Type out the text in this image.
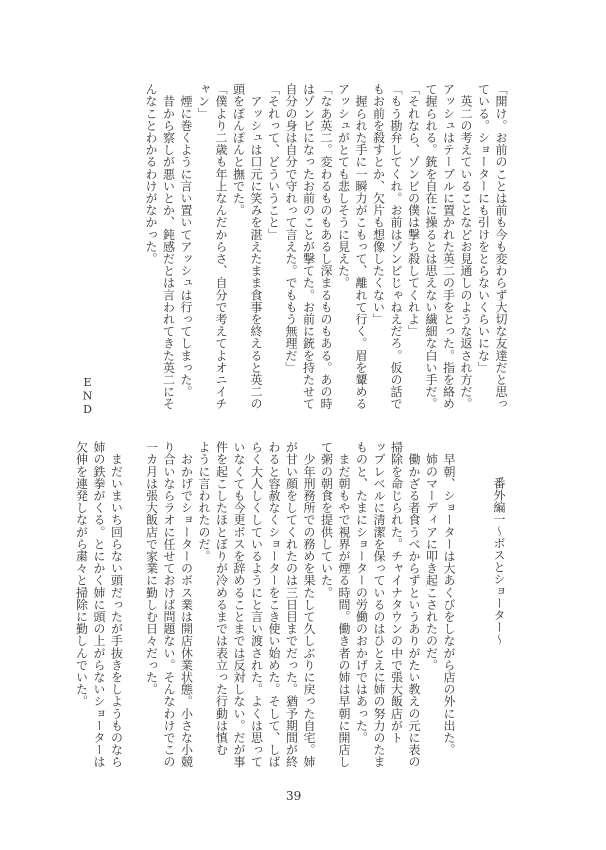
「開け。お前のことは前も今も変わらず大切な友達だと思っ
ている。ショーターにも引けをとらないくらいにな」
　英二の考えていることなどお見通しのような返され方だ。
アッシュはテーブルに置かれた英二の手をとった。指を絡め
て握られる。銃を自在に操るとは思えない繊細な白い手だ。
「それなら、ゾンビの僕は撃ち殺してくれよ」
「もう勘弁してくれ。お前はゾンビじゃねえだろ。仮の話で
もお前を殺すとか、欠片も想像したくない」
　握られた手に一瞬力がこもって、離れて行く。眉を顰める
アッシュがとても悲しそうに見えた。
「なあ英二。変わるものもあるし深まるものもある。あの時
はゾンビになったお前のことが撃てた。お前に銃を持たせて
自分の身は自分で守れって言えた。でももう無理だ」
「それって、どういうこと」
　アッシュは口元に笑みを湛えたまま食事を終えると英二の
頭をぽんぽんと撫でた。
「僕より二歳も年上なんだからさ、自分で考えてよオニイチ
ャン」
　煙に巻くように言い置いてアッシュは行ってしまった。
　昔から察しが悪いとか、鈍感だとは言われてきた英二にそ
んなことわかるわけがなかった。
END
番外編一〜ボスとショーター〜
　早朝、ショーターは大あくびをしながら店の外に出た。
　姉のマーディアに叩き起こされたのだ。
　働かざる者食うべからずというありがたい教えの元に表の
掃除を命じられた。チャイナタウンの中で張大飯店がト
ップレベルに清潔を保っているのはひとえに姉の努力のたま
ものと、たまにショーターの労働のおかげではあった。
　まだ朝もやで視界が煙る時間。働き者の姉は早朝に開店し
て粥の朝食を提供していた。
　少年刑務所での務めを果たして久しぶりに戻った自宅。姉
が甘い顔をしてくれたのは三日目までだった。猶予期間が終
わると容赦なくショーターをこき使い始めた。そして、しば
らく大人しくしているようにと言い渡された。よくは思って
いなくても今更ボスを辞めることまでは反対しない。だが事
件を起こしたほとぼりが冷めるまでは表立った行動は慎む
ように言われたのだ。
　おかげでショーターのボス業は開店休業状態。小さな小競
り合いならラオに任せておけば問題ない。そんなわけでこの
一カ月は張大飯店で家業に勤しむ日々だった。
　まだいまいち回らない頭だったが手抜きをしようものなら
姉の鉄拳がくる。とにかく姉に頭の上がらないショーターは
欠伸を連発しながら粛々と掃除に勤しんでいた。
39
